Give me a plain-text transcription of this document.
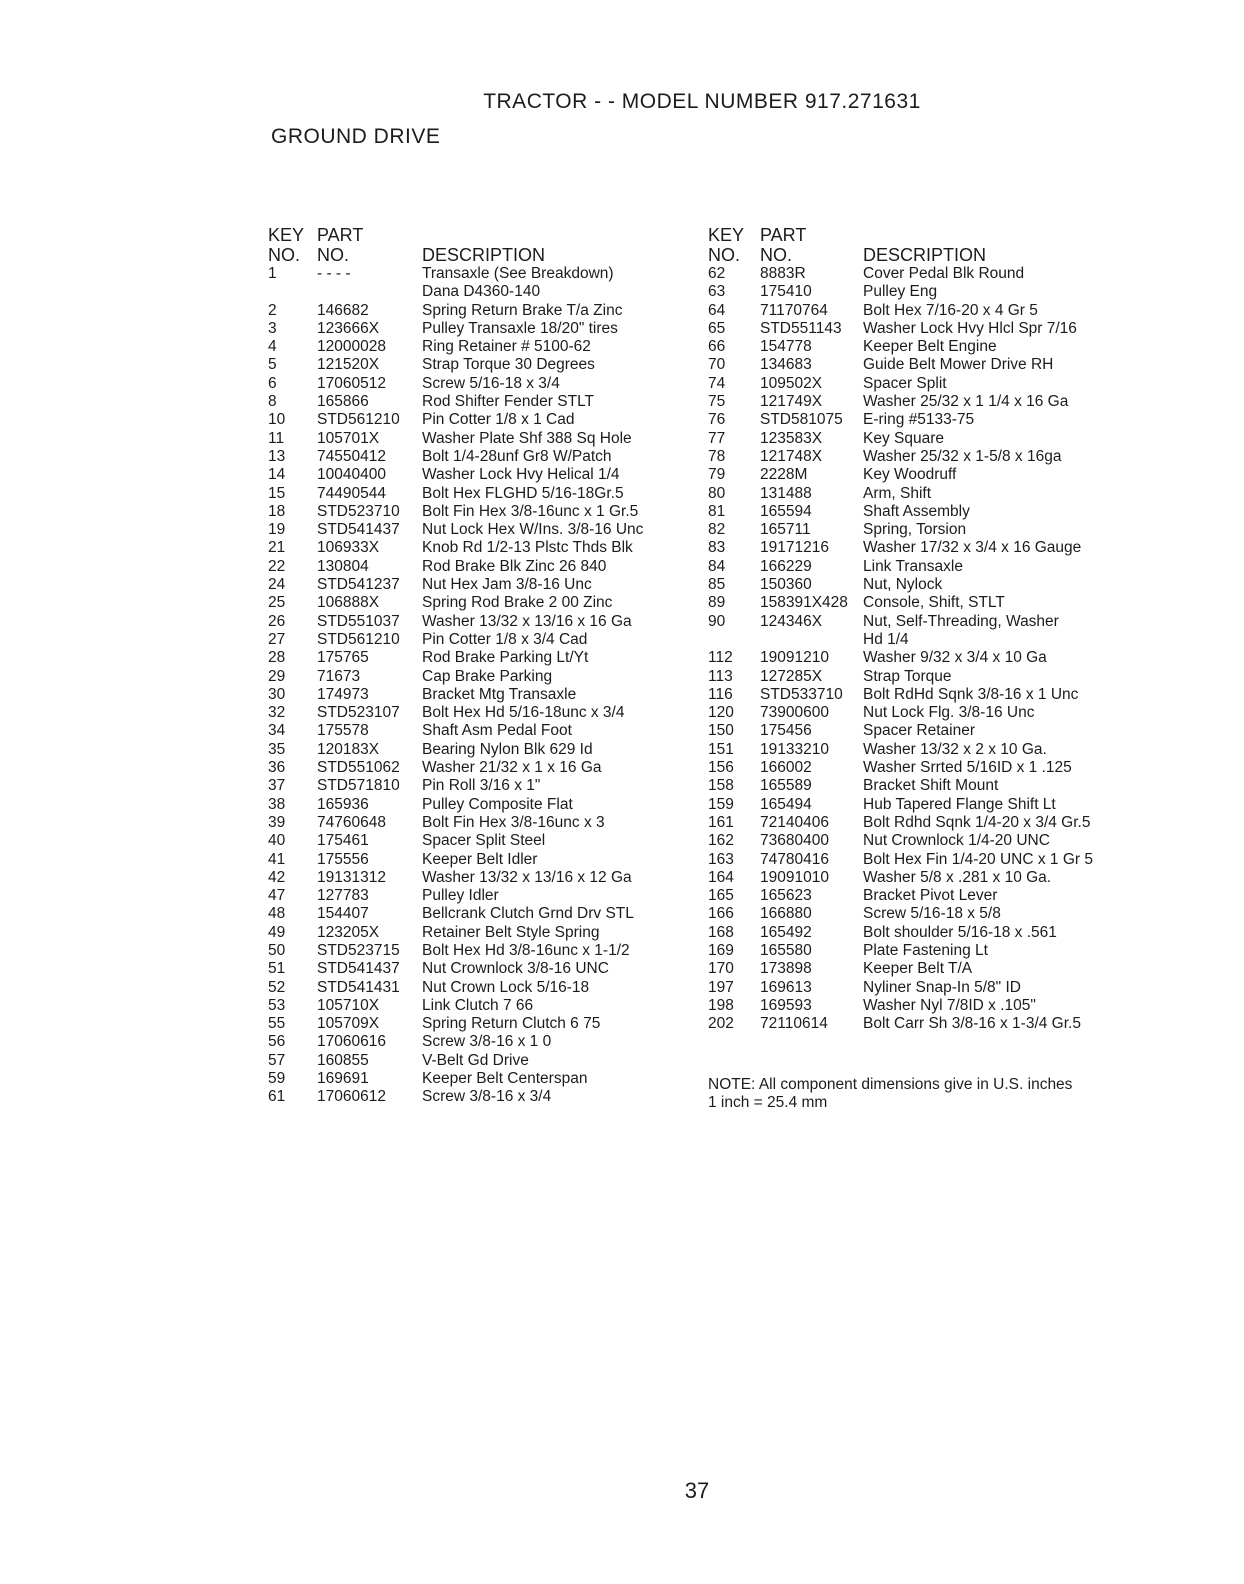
TRACTOR - - MODEL NUMBER 917.271631
GROUND DRIVE
KEY
NO.
PART
NO.	DESCRIPTION
1	- - - -	Transaxle (See Breakdown)
Dana D4360-140
2	146682	Spring Return Brake T/a Zinc
3	123666X	Pulley Transaxle 18/20" tires
4	12000028 Ring Retainer # 5100-62
5	121520X	Strap Torque 30 Degrees
6	17060512 Screw 5/16-18 x 3/4
8	165866	Rod Shifter Fender STLT
10 STD561210 Pin Cotter 1/8 x 1 Cad
11 105701X	Washer Plate Shf 388 Sq Hole
13 74550412 Bolt 1/4-28unf Gr8 W/Patch
14 10040400 Washer Lock Hvy Helical 1/4
15 74490544 Bolt Hex FLGHD 5/16-18Gr.5
18 STD523710 Bolt Fin Hex 3/8-16unc x 1 Gr.5
19 STD541437 Nut Lock Hex W/Ins. 3/8-16 Unc
21 106933X	Knob Rd 1/2-13 Plstc Thds Blk
22 130804	Rod Brake Blk Zinc 26 840
24 STD541237 Nut Hex Jam 3/8-16 Unc
25 106888X	Spring Rod Brake 2 00 Zinc
26 STD551037 Washer 13/32 x 13/16 x 16 Ga
27 STD561210 Pin Cotter 1/8 x 3/4 Cad
28 175765	Rod Brake Parking Lt/Yt
29 71673	Cap Brake Parking
30 174973	Bracket Mtg Transaxle
32 STD523107 Bolt Hex Hd 5/16-18unc x 3/4
34 175578	Shaft Asm Pedal Foot
35 120183X	Bearing Nylon Blk 629 Id
36 STD551062 Washer 21/32 x 1 x 16 Ga
37 STD571810 Pin Roll 3/16 x 1"
38 165936	Pulley Composite Flat
39 74760648 Bolt Fin Hex 3/8-16unc x 3
40 175461	Spacer Split Steel
41 175556	Keeper Belt Idler
42 19131312 Washer 13/32 x 13/16 x 12 Ga
47 127783	Pulley Idler
48 154407	Bellcrank Clutch Grnd Drv STL
49 123205X	Retainer Belt Style Spring
50 STD523715 Bolt Hex Hd 3/8-16unc x 1-1/2
51 STD541437 Nut Crownlock 3/8-16 UNC
52 STD541431 Nut Crown Lock 5/16-18
53 105710X	Link Clutch 7 66
55 105709X	Spring Return Clutch 6 75
56 17060616 Screw 3/8-16 x 1 0
57 160855	V-Belt Gd Drive
59 169691	Keeper Belt Centerspan
61 17060612 Screw 3/8-16 x 3/4
KEY
NO.
PART
NO.	DESCRIPTION
62 8883R	Cover Pedal Blk Round
63 175410	Pulley Eng
64 71170764 Bolt Hex 7/16-20 x 4 Gr 5
65 STD551143 Washer Lock Hvy Hlcl Spr 7/16
66 154778	Keeper Belt Engine
70 134683	Guide Belt Mower Drive RH
74 109502X	Spacer Split
75 121749X	Washer 25/32 x 1 1/4 x 16 Ga
76 STD581075 E-ring #5133-75
77 123583X	Key Square
78 121748X	Washer 25/32 x 1-5/8 x 16ga
79 2228M	Key Woodruff
80 131488	Arm, Shift
81 165594	Shaft Assembly
82 165711	Spring, Torsion
83 19171216 Washer 17/32 x 3/4 x 16 Gauge
84 166229	Link Transaxle
85 150360	Nut, Nylock
89 158391X428 Console, Shift, STLT
90 124346X	Nut, Self-Threading, Washer
Hd 1/4
112 19091210 Washer 9/32 x 3/4 x 10 Ga
113 127285X	Strap Torque
116 STD533710 Bolt RdHd Sqnk 3/8-16 x 1 Unc
120 73900600 Nut Lock Flg. 3/8-16 Unc
150 175456	Spacer Retainer
151 19133210 Washer 13/32 x 2 x 10 Ga.
156 166002	Washer Srrted 5/16ID x 1 .125
158 165589	Bracket Shift Mount
159 165494	Hub Tapered Flange Shift Lt
161 72140406 Bolt Rdhd Sqnk 1/4-20 x 3/4 Gr.5
162 73680400 Nut Crownlock 1/4-20 UNC
163 74780416 Bolt Hex Fin 1/4-20 UNC x 1 Gr 5
164 19091010 Washer 5/8 x .281 x 10 Ga.
165 165623	Bracket Pivot Lever
166 166880	Screw 5/16-18 x 5/8
168 165492	Bolt shoulder 5/16-18 x .561
169 165580	Plate Fastening Lt
170 173898	Keeper Belt T/A
197 169613	Nyliner Snap-In 5/8" ID
198 169593	Washer Nyl 7/8ID x .105"
202 72110614 Bolt Carr Sh 3/8-16 x 1-3/4 Gr.5
NOTE: All component dimensions give in U.S. inches
1 inch = 25.4 mm
37
